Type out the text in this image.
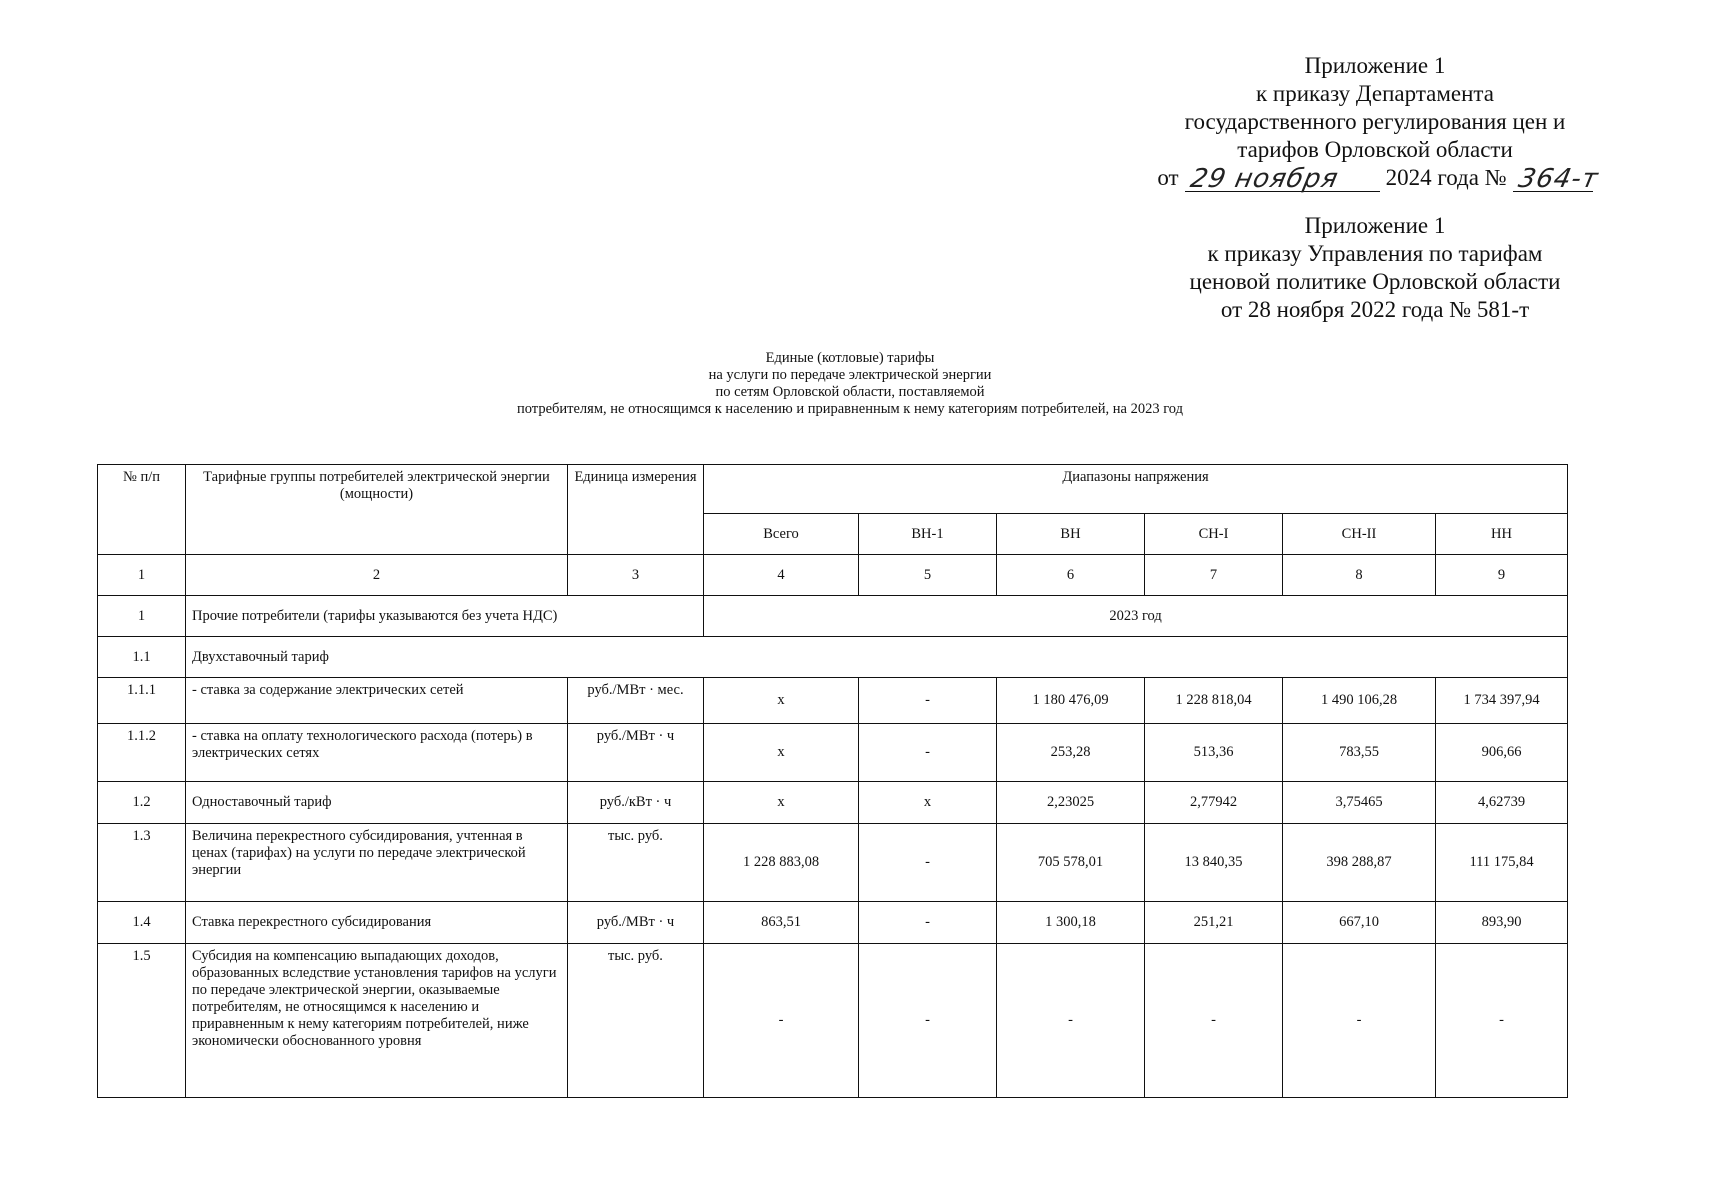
Приложение 1
к приказу Департамента
государственного регулирования цен и
тарифов Орловской области
от 29 ноября 2024 года № 364-т
Приложение 1
к приказу Управления по тарифам
ценовой политике Орловской области
от 28 ноября 2022 года № 581-т
Единые (котловые) тарифы
на услуги по передаче электрической энергии
по сетям Орловской области, поставляемой
потребителям, не относящимся к населению и приравненным к нему категориям потребителей, на 2023 год
№ п/п	Тарифные группы потребителей электрической энергии (мощности)	Единица измерения	Диапазоны напряжения					
			Всего	ВН-1	ВН	СН-I	СН-II	НН
1	2	3	4	5	6	7	8	9
1	Прочие потребители (тарифы указываются без учета НДС)		2023 год					
1.1	Двухставочный тариф							
1.1.1	- ставка за содержание электрических сетей	руб./МВт · мес.	х	-	1 180 476,09	1 228 818,04	1 490 106,28	1 734 397,94
1.1.2	- ставка на оплату технологического расхода (потерь) в электрических сетях	руб./МВт · ч	х	-	253,28	513,36	783,55	906,66
1.2	Одноставочный тариф	руб./кВт · ч	х	х	2,23025	2,77942	3,75465	4,62739
1.3	Величина перекрестного субсидирования, учтенная в ценах (тарифах) на услуги по передаче электрической энергии	тыс. руб.	1 228 883,08	-	705 578,01	13 840,35	398 288,87	111 175,84
1.4	Ставка перекрестного субсидирования	руб./МВт · ч	863,51	-	1 300,18	251,21	667,10	893,90
1.5	Субсидия на компенсацию выпадающих доходов, образованных вследствие установления тарифов на услуги по передаче электрической энергии, оказываемые потребителям, не относящимся к населению и приравненным к нему категориям потребителей, ниже экономически обоснованного уровня	тыс. руб.	-	-	-	-	-	-
